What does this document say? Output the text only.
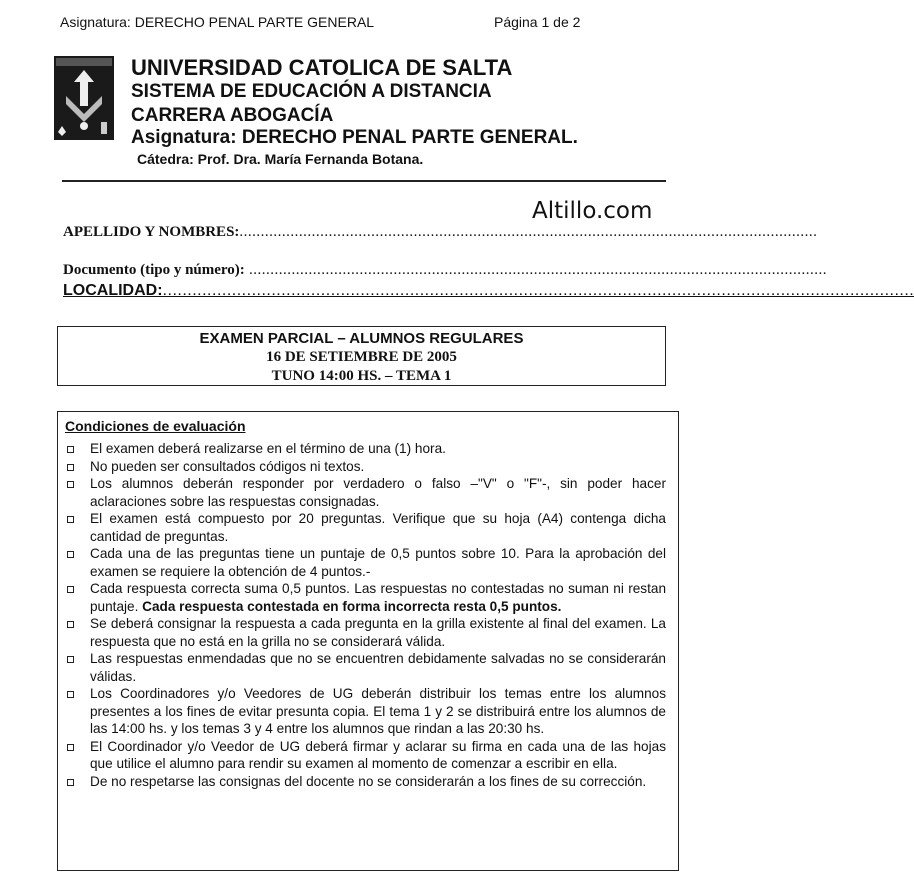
Asignatura: DERECHO PENAL PARTE GENERAL	Página 1 de 2
UNIVERSIDAD CATOLICA DE SALTA
SISTEMA DE EDUCACIÓN A DISTANCIA
CARRERA ABOGACÍA
Asignatura: DERECHO PENAL PARTE GENERAL.
Cátedra: Prof. Dra. María Fernanda Botana.
Altillo.com
APELLIDO Y NOMBRES:........................................................................................................................................
Documento (tipo y número): ........................................................................................................................................
LOCALIDAD:........................................................................................................................................................
EXAMEN PARCIAL – ALUMNOS REGULARES
16 DE SETIEMBRE DE 2005
TUNO 14:00 HS. – TEMA 1
Condiciones de evaluación
El examen deberá realizarse en el término de una (1) hora.
No pueden ser consultados códigos ni textos.
Los alumnos deberán responder por verdadero o falso –"V" o "F"-, sin poder hacer aclaraciones sobre las respuestas consignadas.
El examen está compuesto por 20 preguntas. Verifique que su hoja (A4) contenga dicha cantidad de preguntas.
Cada una de las preguntas tiene un puntaje de 0,5 puntos sobre 10. Para la aprobación del examen se requiere la obtención de 4 puntos.-
Cada respuesta correcta suma 0,5 puntos. Las respuestas no contestadas no suman ni restan puntaje. Cada respuesta contestada en forma incorrecta resta 0,5 puntos.
Se deberá consignar la respuesta a cada pregunta en la grilla existente al final del examen. La respuesta que no está en la grilla no se considerará válida.
Las respuestas enmendadas que no se encuentren debidamente salvadas no se considerarán válidas.
Los Coordinadores y/o Veedores de UG deberán distribuir los temas entre los alumnos presentes a los fines de evitar presunta copia. El tema 1 y 2 se distribuirá entre los alumnos de las 14:00 hs. y los temas 3 y 4 entre los alumnos que rindan a las 20:30 hs.
El Coordinador y/o Veedor de UG deberá firmar y aclarar su firma en cada una de las hojas que utilice el alumno para rendir su examen al momento de comenzar a escribir en ella.
De no respetarse las consignas del docente no se considerarán a los fines de su corrección.
